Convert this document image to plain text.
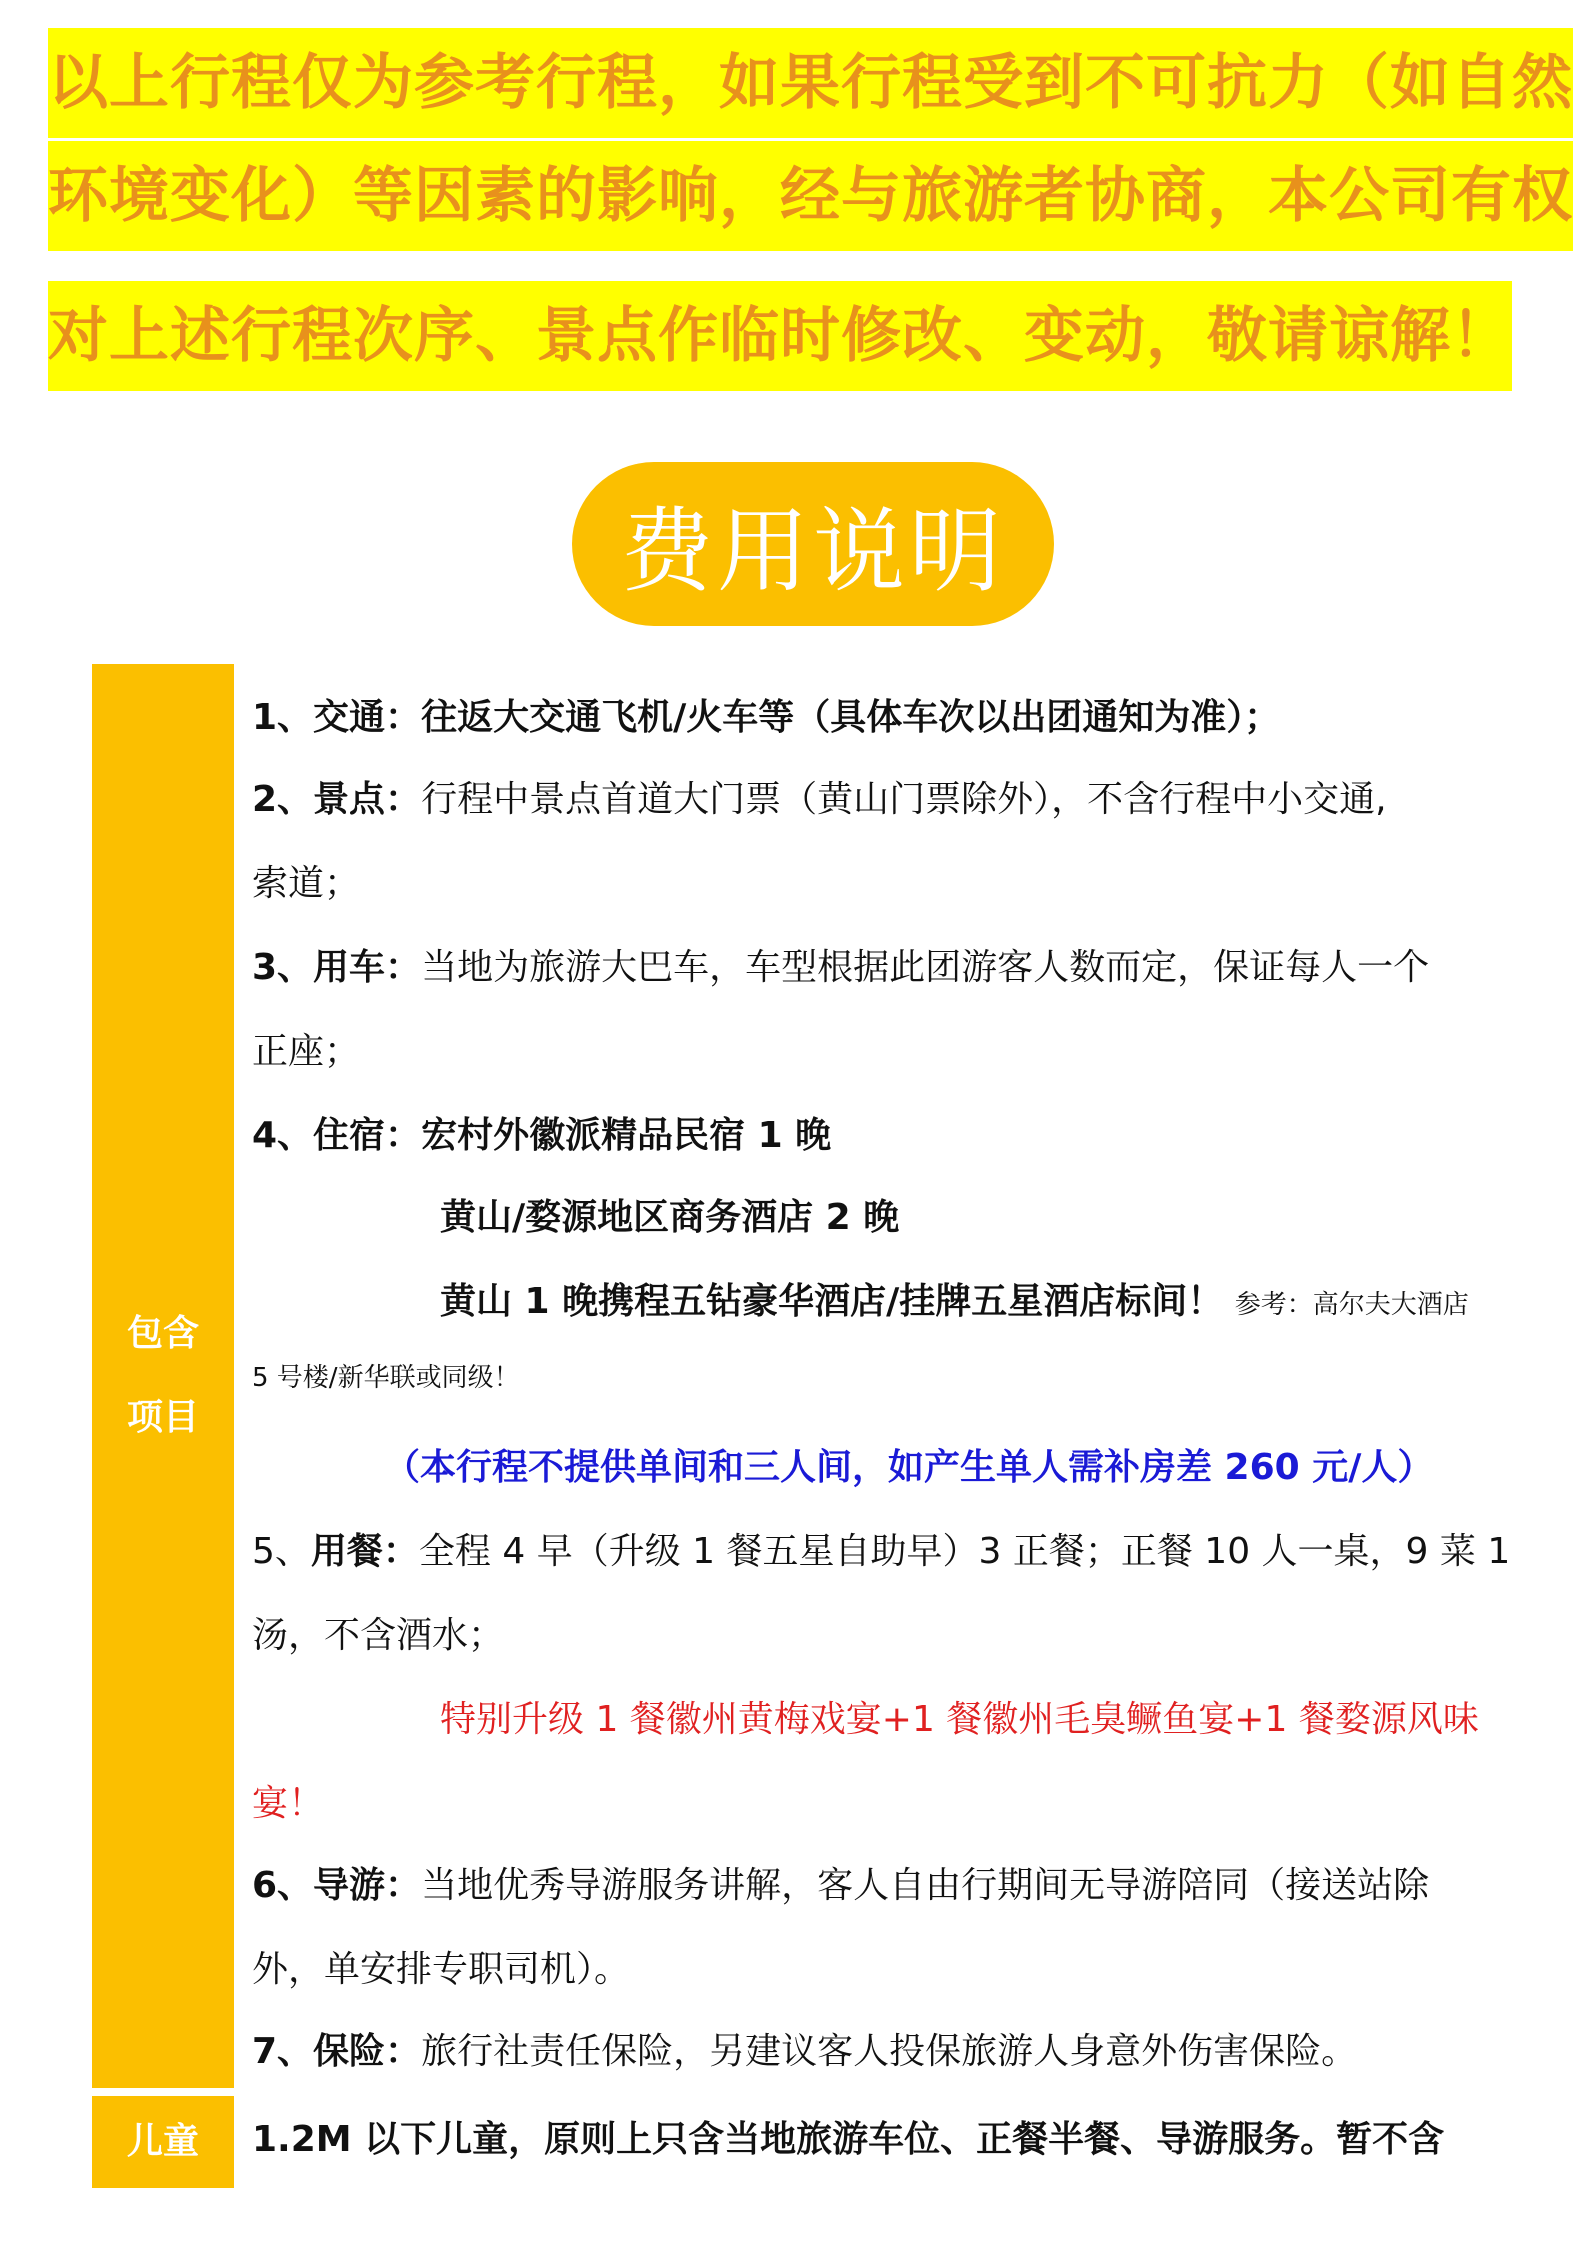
以上行程仅为参考行程，如果行程受到不可抗力（如自然
环境变化）等因素的影响，经与旅游者协商，本公司有权
对上述行程次序、景点作临时修改、变动，敬请谅解！
费用说明
包含
项目
儿童
1、交通：往返大交通飞机/火车等（具体车次以出团通知为准）；
2、景点：行程中景点首道大门票（黄山门票除外），不含行程中小交通,
索道；
3、用车：当地为旅游大巴车，车型根据此团游客人数而定，保证每人一个
正座；
4、住宿：宏村外徽派精品民宿 1 晚
黄山/婺源地区商务酒店 2 晚
黄山 1 晚携程五钻豪华酒店/挂牌五星酒店标间！ 参考：高尔夫大酒店
5 号楼/新华联或同级！
（本行程不提供单间和三人间，如产生单人需补房差 260 元/人）
5、用餐：全程 4 早（升级 1 餐五星自助早）3 正餐；正餐 10 人一桌，9 菜 1
汤，不含酒水；
特别升级 1 餐徽州黄梅戏宴+1 餐徽州毛臭鳜鱼宴+1 餐婺源风味
宴！
6、导游：当地优秀导游服务讲解，客人自由行期间无导游陪同（接送站除
外，单安排专职司机）。
7、保险：旅行社责任保险，另建议客人投保旅游人身意外伤害保险。
1.2M 以下儿童，原则上只含当地旅游车位、正餐半餐、导游服务。暂不含
